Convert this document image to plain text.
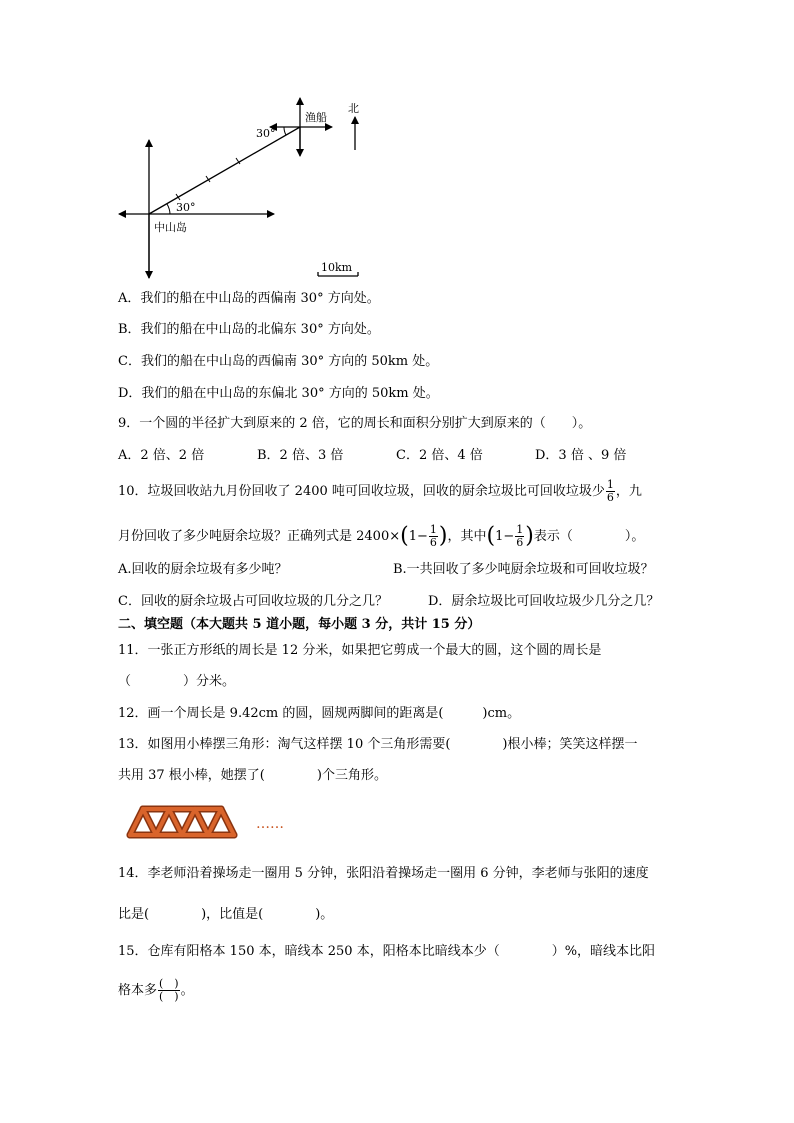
30°
中山岛
30°
渔船
北
10km
A．我们的船在中山岛的西偏南 30° 方向处。
B．我们的船在中山岛的北偏东 30° 方向处。
C．我们的船在中山岛的西偏南 30° 方向的 50km 处。
D．我们的船在中山岛的东偏北 30° 方向的 50km 处。
9．一个圆的半径扩大到原来的 2 倍，它的周长和面积分别扩大到原来的（　　）。
A．2 倍、2 倍	B．2 倍、3 倍	C．2 倍、4 倍	D．3 倍 、9 倍
10．垃圾回收站九月份回收了 2400 吨可回收垃圾，回收的厨余垃圾比可回收垃圾少 $\frac{1}{6}$ ，九
月份回收了多少吨厨余垃圾？正确列式是 $2400\times(1- \frac{1}{6}$ )，其中($1- \frac{1}{6}$ )表示（　　　　）。
A.回收的厨余垃圾有多少吨？	B.一共回收了多少吨厨余垃圾和可回收垃圾？
C．回收的厨余垃圾占可回收垃圾的几分之几？	D．厨余垃圾比可回收垃圾少几分之几？
二、填空题（本大题共 5 道小题，每小题 3 分，共计 15 分）
11．一张正方形纸的周长是 12 分米，如果把它剪成一个最大的圆，这个圆的周长是
（　　　　）分米。
12．画一个周长是 9.42cm 的圆，圆规两脚间的距离是(　　　)cm。
13．如图用小棒摆三角形：淘气这样摆 10 个三角形需要(　　　　)根小棒；笑笑这样摆一
共用 37 根小棒，她摆了(　　　　)个三角形。
……
14．李老师沿着操场走一圈用 5 分钟，张阳沿着操场走一圈用 6 分钟，李老师与张阳的速度
比是(　　　　)，比值是(　　　　)。
15．仓库有阳格本 150 本，暗线本 250 本，阳格本比暗线本少（　　　　）%，暗线本比阳
格本多 $\frac{( )}{( )}$ 。
